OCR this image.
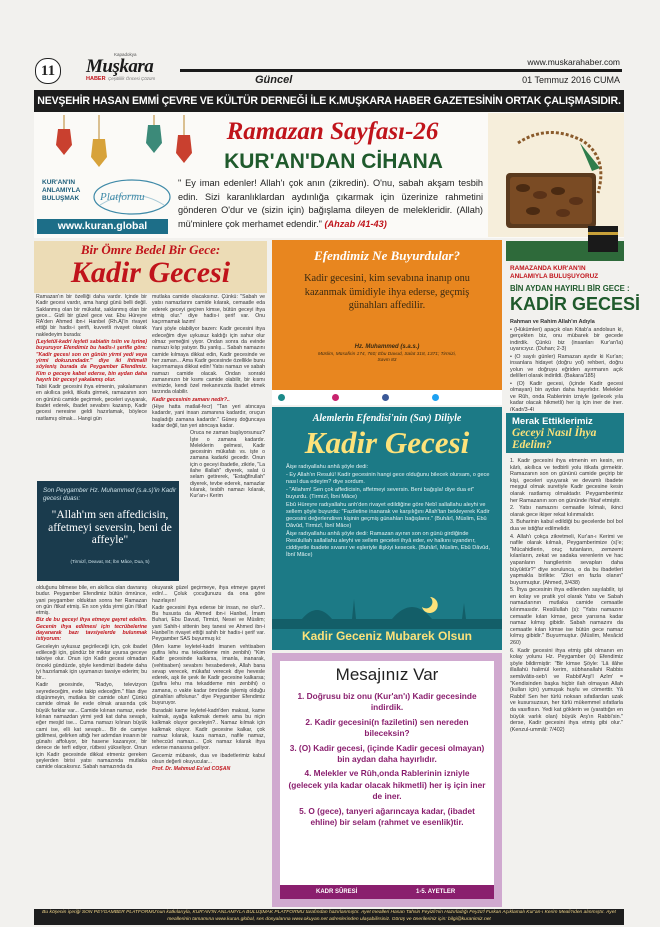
11
Kapadokya
Muşkara
HABER Çeşitlilik Öncesi Çözüm
www.muskarahaber.com
Güncel	01 Temmuz 2016 CUMA
NEVŞEHİR HASAN EMMİ ÇEVRE VE KÜLTÜR DERNEĞİ İLE K.MUŞKARA HABER GAZETESİNİN ORTAK ÇALIŞMASIDIR.
KUR'AN'IN
ANLAMIYLA
BULUŞMAK Platformu
www.kuran.global
Ramazan Sayfası-26
KUR'AN'DAN CİHANA
" Ey iman edenler! Allah'ı çok anın (zikredin). O'nu, sabah akşam tesbih edin. Sizi karanlıklardan aydınlığa çıkarmak için üzerinize rahmetini gönderen O'dur ve (sizin için) bağışlama dileyen de melekleridir. (Allah) mü'minlere çok merhamet edendir." (Ahzab /41-43)
Bir Ömre Bedel Bir Gece:
Kadir Gecesi

Ramazan'ın bir özelliği daha vardır. İçinde bir Kadir gecesi vardır, ama hangi günü belli değil. Saklanmış olan bir mükafat, saklanmış olan bir gece... Gizli bir güzel gece var. Ebu Hüreyre RA'den Ahmed ibn-i Hanbel (Rh.A)'in rivayet ettiği bir hadis-i şerifi, kuvvetli rivayet olarak nakledeyim burada:

(Leyletül-kadri leyleti sabiatin tsiin ve işrine) buyuruyor Efendimiz bu hadis-i şerifle göre: "Kadir gecesi son on günün yirmi yedi veya yirmi dokuzundadır." diye iki ihtimalli söyleniş burada da Peygamber Efendimiz. Kim o geceye kabet ederse, bin aydan daha hayırlı bir geceyi yakalamış olur.

Tabii Kadir gecesini ihya etmenin, yakalamanın en akıllıca şekli, itikafa girmek, ramazanın son on gününü camide geçirmek, geceleri uyuyarak, ibadet ederek, ibadet sevabını kazanıp, Kadir gecesi neresine geldi hazırlamak, böylece rastlamış olmak... Hangi gün

mutlaka camide olacaksınız. Çünkü: "Sabah ve yatsı namazlarını camide kılarak, cemaatle eda ederek geceyi geçiren kimse, bütün geceyi ihya etmiş olur." diye hadis-i şerif var. Onu kaçırmamak lazım!

Yani şöyle olabiliyor bazen: Kadir gecesini ihya edeceğim diye uykusuz kaldığı için sahur olur olmaz yemeğini yiyor. Ondan sonra da evinde namazı kılıp yatıyor. Bu yanlış... Sabah namazını camide kılmaya dikkat edin, Kadir gecesinde ve her zaman... Ama Kadir gecesinde özellikle bunu kaçırmamaya dikkat edin! Yatsı namazı ve sabah namazı camide olacak. Ondan sonraki zamanınızın bir kısmı camide olabilir, bir kısmı evinizde, kendi özel mekanınızda ibadet etmek tarzında olabilir.

Kadir gecesinin zamanı nedir?..

(Hiye hatta matlail-fecr) "Tan yeri atıncaya kadardır, yani insan zamanına kadardır, oruçun başladığı zamana kadardır." Güneş doğuncaya kadar değil, tan yeri atıncaya kadar.

Oruca ne zaman başlıyorsunuz? İşte o zamana kadardır. Meleklerin gelmesi, Kadir gecesinin mükafatı vs. işte o zamana kadarki gecedir. Onun için o geceyi ibadetle, zikirle, "La ilahe illallah" diyerek, salat ü selam getirerek, "Estağfirullah" diyerek, tevbe ederek, namazlar kılarak, tesbih namazı kılarak, Kur'an-ı Kerim

Son Peygamber Hz. Muhammed (s.a.s)'in Kadir gecesi duası:
"Allah'ım sen affedicisin, affetmeyi seversin, beni de affeyle"
(Tirmizî, Deavat, 84; İbn Mâce, Dua, 5)

olduğunu bilmese bile, en akıllıca olan davranış budur. Peygamber Efendimiz bütün ömrünce, yani peygamber olduktan sonra her Ramazan on gün i'tikaf etmiş. En son yılda yirmi gün i'tikaf etmiş.

Biz de bu geceyi ihya etmeye gayret edelim. Gecenin ihya edilmesi için tecrübelerine dayanarak bazı tavsiyelerde bulunmak istiyorum:

Geceleyin uykusuz geçirileceği için, çok ibadet edileceği için, gündüz bir miktar uyursa geceye takviye olur. Onun için Kadir gecesi olmadan önceki gündüzde, şöyle kendimizi ibadete daha iyi hazırlamak için uyumanızı tavsiye ederim; bu bir...

Kadir gecesinde, "Radyo, televizyon seyredeceğim, evde takip edeceğim." filan diye düşünmeyin, mutlaka bir camide olun! Çünkü camide olmak ile evde olmak arasında çok büyük farklar var... Camide kılınan namaz, evde kılınan namazdan yirmi yedi kat daha sevaplı, eğer mesjid ise... Cuma namazı kılınan büyük cami ise, elli kat sevaplı... Bir de camiye gidilmesi, gelirken attığı her adımdan insanın bir günahı affoluyor, bir hasene kazanıyor, bir derece de terfi ediyor, rütbesi yükseliyor. Onun için Kadir gecesinde dikkat etmeniz gereken şeylerden birisi yatsı namazında mutlaka camide olacaksınız. Sabah namazında da

okuyarak güzel geçirmeye, ihya etmeye gayret edin!... Çoluk çocuğunuzu da ona göre hazırlayın!

Kadir gecesini ihya ederse bir insan, ne olur?.. Bu hususta da Ahmed ibn-i Hanbel, İmam Buhari, Ebu Davud, Tirmizi, Nesei ve Müslim; yani Sahih-i sittenin beş tanesi ve Ahmed ibn-i Hanbel'in rivayet ettiği sahih bir hadis-i şerif var. Peygamber SAS buyurmuş ki:

(Men kame leyletel-kadri imanen vehtisaben gufira lehu ma tekaddeme min zenbihi) "Kim Kadir gecesinde kalkarsa, imanla, inanarak, (vehtisaben) sevabını hesabederek, Allah bana sevap verecek, mükafat verecek diye hevesle ederek, aşk ile şevk ile Kadir gecesine kalkarsa; (gufira lehu ma tekaddeme min zenbihi) o zamana, o vakte kadar ömründe işlemiş olduğu günahları affolunur." diye Peygamber Efendimiz buyuruyor.

Buradaki kame leyletel-kadri'den maksat, kame kalmak, ayağa kalkmak demek ama bu niçin kalkmak oluyor geceleyin?.. Namaz kılmak için kalkmak oluyor. Kadir gecesine kalkar, çok namaz kılarak, kaza namazı, nafile namaz, teheccüd namazı... Çok namaz kılarak ihya ederse manasına geliyor.

Gecemiz mübarek, dua ve ibadetlerimiz kabul olsun değerli okuyucular...

Prof. Dr. Mahmud Es'ad COŞAN

Efendimiz Ne Buyurdular?
Kadir gecesini, kim sevabına inanıp onu kazanmak ümidiyle ihya ederse, geçmiş günahları affedilir.
Hz. Muhammed (s.a.s.)
Müslim, Müsafirin 174, 760; Ebu Davud, Salat 318, 1371; Tirmizi, Savm 83
Alemlerin Efendisi'nin (Sav) Diliyle
Kadir Gecesi

Âişe radıyallahu anhâ şöyle dedi:

- Ey Allah'ın Resulü! Kadir gecesinin hangi gece olduğunu bilecek olursam, o gece nasıl dua edeyim? diye sordum.

- "Allahım! Sen çok affedicisin, affetmeyi seversin. Beni bağışla! diye dua et" buyurdu. (Tirmizî, İbni Mâce)

Ebû Hüreyre radıyallahu anh'den rivayet edildiğine göre Nebî sallallahu aleyhi ve sellem şöyle buyurdu: "Faziletine inanarak ve karşılığını Allah'tan bekleyerek Kadir gecesini değerlendiren kişinin geçmiş günahları bağışlanır." (Buhârî, Müslim, Ebû Dâvûd, Tirmizî, İbnî Mâce)

Âişe radıyallahu anhâ şöyle dedi: Ramazan ayının son on günü girdiğinde Resûlullah sallallahu aleyhi ve sellem geceleri ihyâ eder, ev halkını uyandırır, ciddiyetle ibadete sıvanır ve eşleriyle ilişkiyi kesecek. (Buhârî, Müslim, Ebû Dâvûd, İbnî Mâce)

Kadir Geceniz Mubarek Olsun
Mesajınız Var

1. Doğrusu biz onu (Kur'an'ı) Kadir gecesinde indirdik.

2. Kadir gecesini(n faziletini) sen nereden bileceksin?

3. (O) Kadir gecesi, (içinde Kadir gecesi olmayan) bin aydan daha hayırlıdır.

4. Melekler ve Rûh,onda Rablerinin izniyle (gelecek yıla kadar olacak hikmetli) her iş için iner de iner.

5. O (gece), tanyeri ağarıncaya kadar, (ibadet ehline) bir selam (rahmet ve esenlik)tir.

KADR SÛRESİ	1-5. AYETLER
RAMAZANDA KUR'AN'IN
ANLAMIYLA BULUŞUYORUZ
BİN AYDAN HAYIRLI BİR GECE :
KADİR GECESİ

Rahman ve Rahim Allah'ın Adıyla

• (Hükümleri) apaçık olan Kitab'a andolsun ki, gerçekten biz, onu mübarek bir gecede indirdik. Çünkü biz (insanları Kur'an'la) uyarıcıyız. (Duhan; 2-3)

• (O sayılı günler) Ramazan ayıdır ki Kur'an; insanlara hidayet (doğru yol) rehberi, doğru yolun ve doğruyu eğriden ayırmanın açık delilleri olarak indirildi. (Bakara/185)

• (O) Kadir gecesi, (içinde Kadir gecesi olmayan) bin aydan daha hayırlıdır. Melekler ve Rûh, onda Rablerinin izniyle (gelecek yıla kadar olacak hikmetli) her iş için iner de iner. (Kadr/3-4)

Merak Ettiklerimiz
Geceyi Nasıl İhya Edelim?

1. Kadir gecesini ihya etmenin en kesin, en kârlı, akıllıca ve tedbirli yolu itikafa girmektir. Ramazanın son on gününü camide geçirip bir kişi, geceleri uyuyarak ve devamlı ibadete meşgul olmak suretiyle Kadir gecesine kesin olarak rastlamış olmaktadır. Peygamberimiz her Ramazanın son on gününde i'tikaf etmiştir.

2. Yatsı namazını cemaatle kılmalı, ikinci olarak gece ikişer rekat kılınmalıdır.

3. Buharinin kabul edildiği bu gecelerde bol bol dua ve istiğfar edilmelidir.

4. Allah'ı çokça zikretmeli, Kur'an-ı Kerimi ve nafile olarak kılmalı, Peygamberimize (s)'e; "Mücahidlerin, oruç tutanların, zemzemi kılanların, zekat ve sadaka verenlerin ve hac yapanların hangilerinin sevapları daha büyüktür?" diye sorulunca, o da bu ibadetleri yapmakla birlikte: "Zikri en fazla olanın" buyurmuştur. (Ahmed, 3/438)

5. İhya gecesinin ihya edilenden sayılabilir, işi en kolay ve pratik yol olarak Yatsı ve Sabah namazlarının mutlaka camide cemaatle kılınmasıdır. Resûlullah (s): "Yatsı namazını cemaatle kılan kimse, gece yarısına kadar namaz kılmış gibidir. Sabah namazını da cemaatle kılan kimse ise bütün gece namaz kılmış gibidir." Buyurmuştur. (Müslim, Mesâcid 260)

6. Kadir gecesini ihya etmiş gibi olmanın en kolay yolunu Hz. Peygamber (s) Efendimiz şöyle bildirmiştir: "Bir kimse Şöyle: 'Lâ ilâhe illallahü halimül kerim, sübhanallahi Rabbis semâvâtis-seb'i ve Rabbil'Arşi'l Azîm' = "Kendisinden başka hiçbir ilah olmayan Allah (kulları için) yumuşak huylu ve cömerttir. Yâ Rabbi! Sen her türlü noksan sıfatlardan uzak ve kusursuzsun, her türlü mükemmel sıfatlarla da vasıflısın. Yedi kat göklerin ve (yarattığın en büyük varlık olan) büyük Arş'ın Rabbi'sin." derse, Kadir gecesini ihya etmiş gibi olur." (Kenzul-ummâl: 7/402)

Bu köşenin içeriği SON PEYGAMBER PLATFORMU'nun katkılarıyla, KUR'AN'IN ANLAMIYLA BULUŞMAK PLATFORMU tarafından hazırlanmıştır. Ayet mealleri Hasan Tahsin Feyizli'nin Hazırladığı Feyzü'l Furkan Açıklamalı Kur'an-ı Kerim Meali'nden alınmıştır. Ayet meallerinin tamamına www.kuran.global, ses dosyalarına www.okuyan.net adreslerinden ulaşabilirsiniz. Görüş ve önerileriniz için: bilgi@kuranimiz.net
